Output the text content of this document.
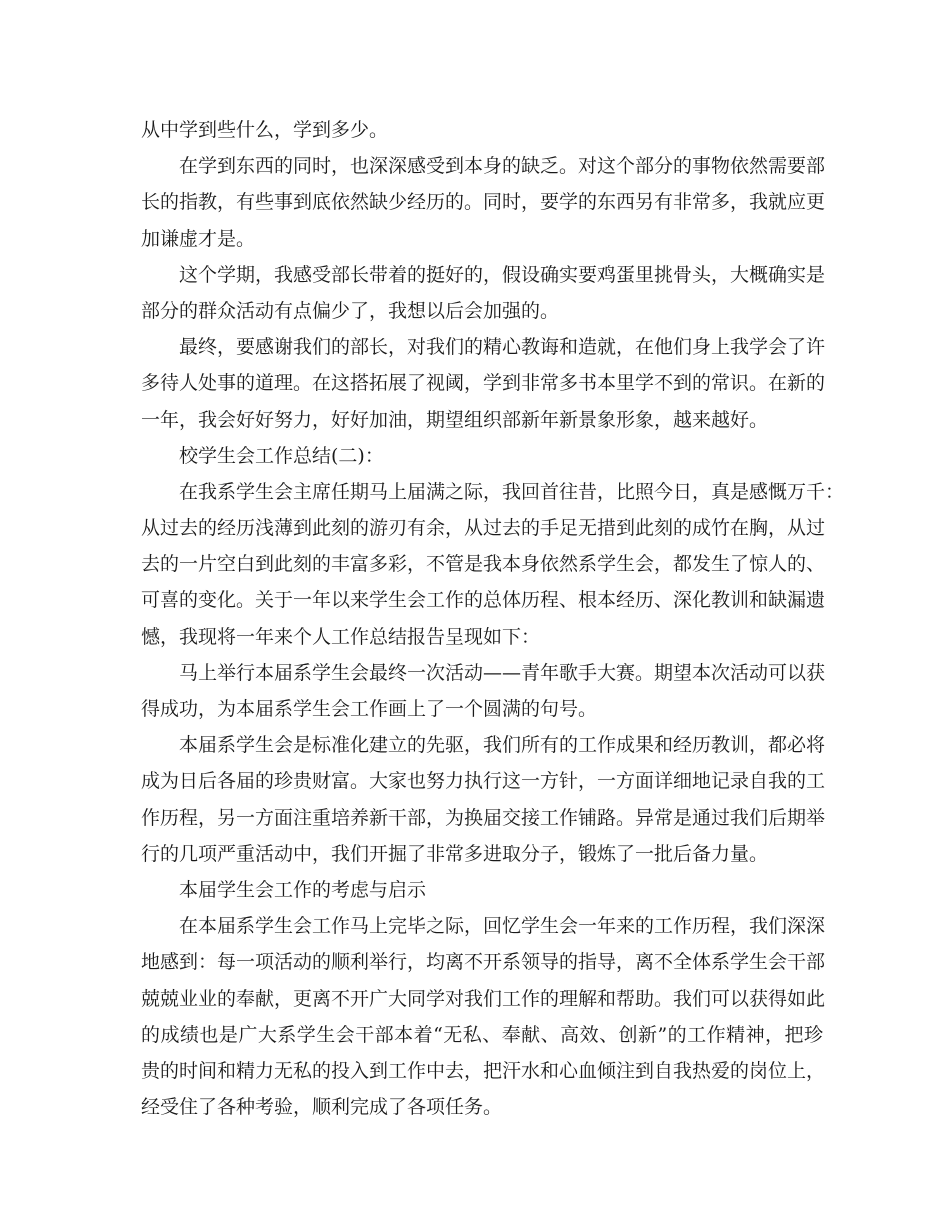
从中学到些什么，学到多少。
在学到东西的同时，也深深感受到本身的缺乏。对这个部分的事物依然需要部
长的指教，有些事到底依然缺少经历的。同时，要学的东西另有非常多，我就应更
加谦虚才是。
这个学期，我感受部长带着的挺好的，假设确实要鸡蛋里挑骨头，大概确实是
部分的群众活动有点偏少了，我想以后会加强的。
最终，要感谢我们的部长，对我们的精心教诲和造就，在他们身上我学会了许
多待人处事的道理。在这搭拓展了视阈，学到非常多书本里学不到的常识。在新的
一年，我会好好努力，好好加油，期望组织部新年新景象形象，越来越好。
校学生会工作总结(二)：
在我系学生会主席任期马上届满之际，我回首往昔，比照今日，真是感慨万千：
从过去的经历浅薄到此刻的游刃有余，从过去的手足无措到此刻的成竹在胸，从过
去的一片空白到此刻的丰富多彩，不管是我本身依然系学生会，都发生了惊人的、
可喜的变化。关于一年以来学生会工作的总体历程、根本经历、深化教训和缺漏遗
憾，我现将一年来个人工作总结报告呈现如下：
马上举行本届系学生会最终一次活动——青年歌手大赛。期望本次活动可以获
得成功，为本届系学生会工作画上了一个圆满的句号。
本届系学生会是标准化建立的先驱，我们所有的工作成果和经历教训，都必将
成为日后各届的珍贵财富。大家也努力执行这一方针，一方面详细地记录自我的工
作历程，另一方面注重培养新干部，为换届交接工作铺路。异常是通过我们后期举
行的几项严重活动中，我们开掘了非常多进取分子，锻炼了一批后备力量。
本届学生会工作的考虑与启示
在本届系学生会工作马上完毕之际，回忆学生会一年来的工作历程，我们深深
地感到：每一项活动的顺利举行，均离不开系领导的指导，离不全体系学生会干部
兢兢业业的奉献，更离不开广大同学对我们工作的理解和帮助。我们可以获得如此
的成绩也是广大系学生会干部本着“无私、奉献、高效、创新”的工作精神，把珍
贵的时间和精力无私的投入到工作中去，把汗水和心血倾注到自我热爱的岗位上，
经受住了各种考验，顺利完成了各项任务。
